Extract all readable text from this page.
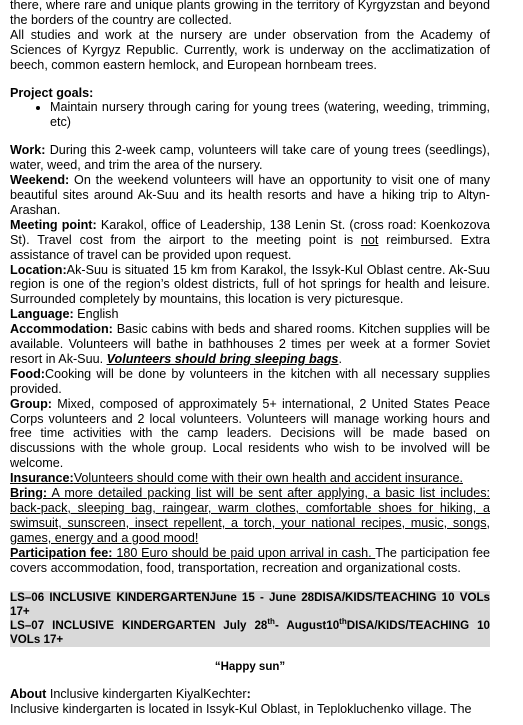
there, where rare and unique plants growing in the territory of Kyrgyzstan and beyond the borders of the country are collected.
All studies and work at the nursery are under observation from the Academy of Sciences of Kyrgyz Republic. Currently, work is underway on the acclimatization of beech, common eastern hemlock, and European hornbeam trees.

Project goals:

• Maintain nursery through caring for young trees (watering, weeding, trimming, etc)

Work: During this 2-week camp, volunteers will take care of young trees (seedlings), water, weed, and trim the area of the nursery.

Weekend: On the weekend volunteers will have an opportunity to visit one of many beautiful sites around Ak-Suu and its health resorts and have a hiking trip to Altyn-Arashan.

Meeting point: Karakol, office of Leadership, 138 Lenin St. (cross road: Koenkozova St). Travel cost from the airport to the meeting point is not reimbursed. Extra assistance of travel can be provided upon request.

Location:Ak-Suu is situated 15 km from Karakol, the Issyk-Kul Oblast centre. Ak-Suu region is one of the region’s oldest districts, full of hot springs for health and leisure. Surrounded completely by mountains, this location is very picturesque.

Language: English

Accommodation: Basic cabins with beds and shared rooms. Kitchen supplies will be available. Volunteers will bathe in bathhouses 2 times per week at a former Soviet resort in Ak-Suu. Volunteers should bring sleeping bags.

Food:Cooking will be done by volunteers in the kitchen with all necessary supplies provided.

Group: Mixed, composed of approximately 5+ international, 2 United States Peace Corps volunteers and 2 local volunteers. Volunteers will manage working hours and free time activities with the camp leaders. Decisions will be made based on discussions with the whole group. Local residents who wish to be involved will be welcome.

Insurance:Volunteers should come with their own health and accident insurance.

Bring: A more detailed packing list will be sent after applying, a basic list includes: back-pack, sleeping bag, raingear, warm clothes, comfortable shoes for hiking, a swimsuit, sunscreen, insect repellent, a torch, your national recipes, music, songs, games, energy and a good mood!

Participation fee: 180 Euro should be paid upon arrival in cash. The participation fee covers accommodation, food, transportation, recreation and organizational costs.

LS–06 INCLUSIVE KINDERGARTENJune 15 - June 28DISA/KIDS/TEACHING 10 VOLs 17+

LS–07 INCLUSIVE KINDERGARTEN July 28th- August10thDISA/KIDS/TEACHING 10 VOLs 17+

“Happy sun”

About Inclusive kindergarten KiyalKechter:

Inclusive kindergarten is located in Issyk-Kul Oblast, in Teplokluchenko village. The
